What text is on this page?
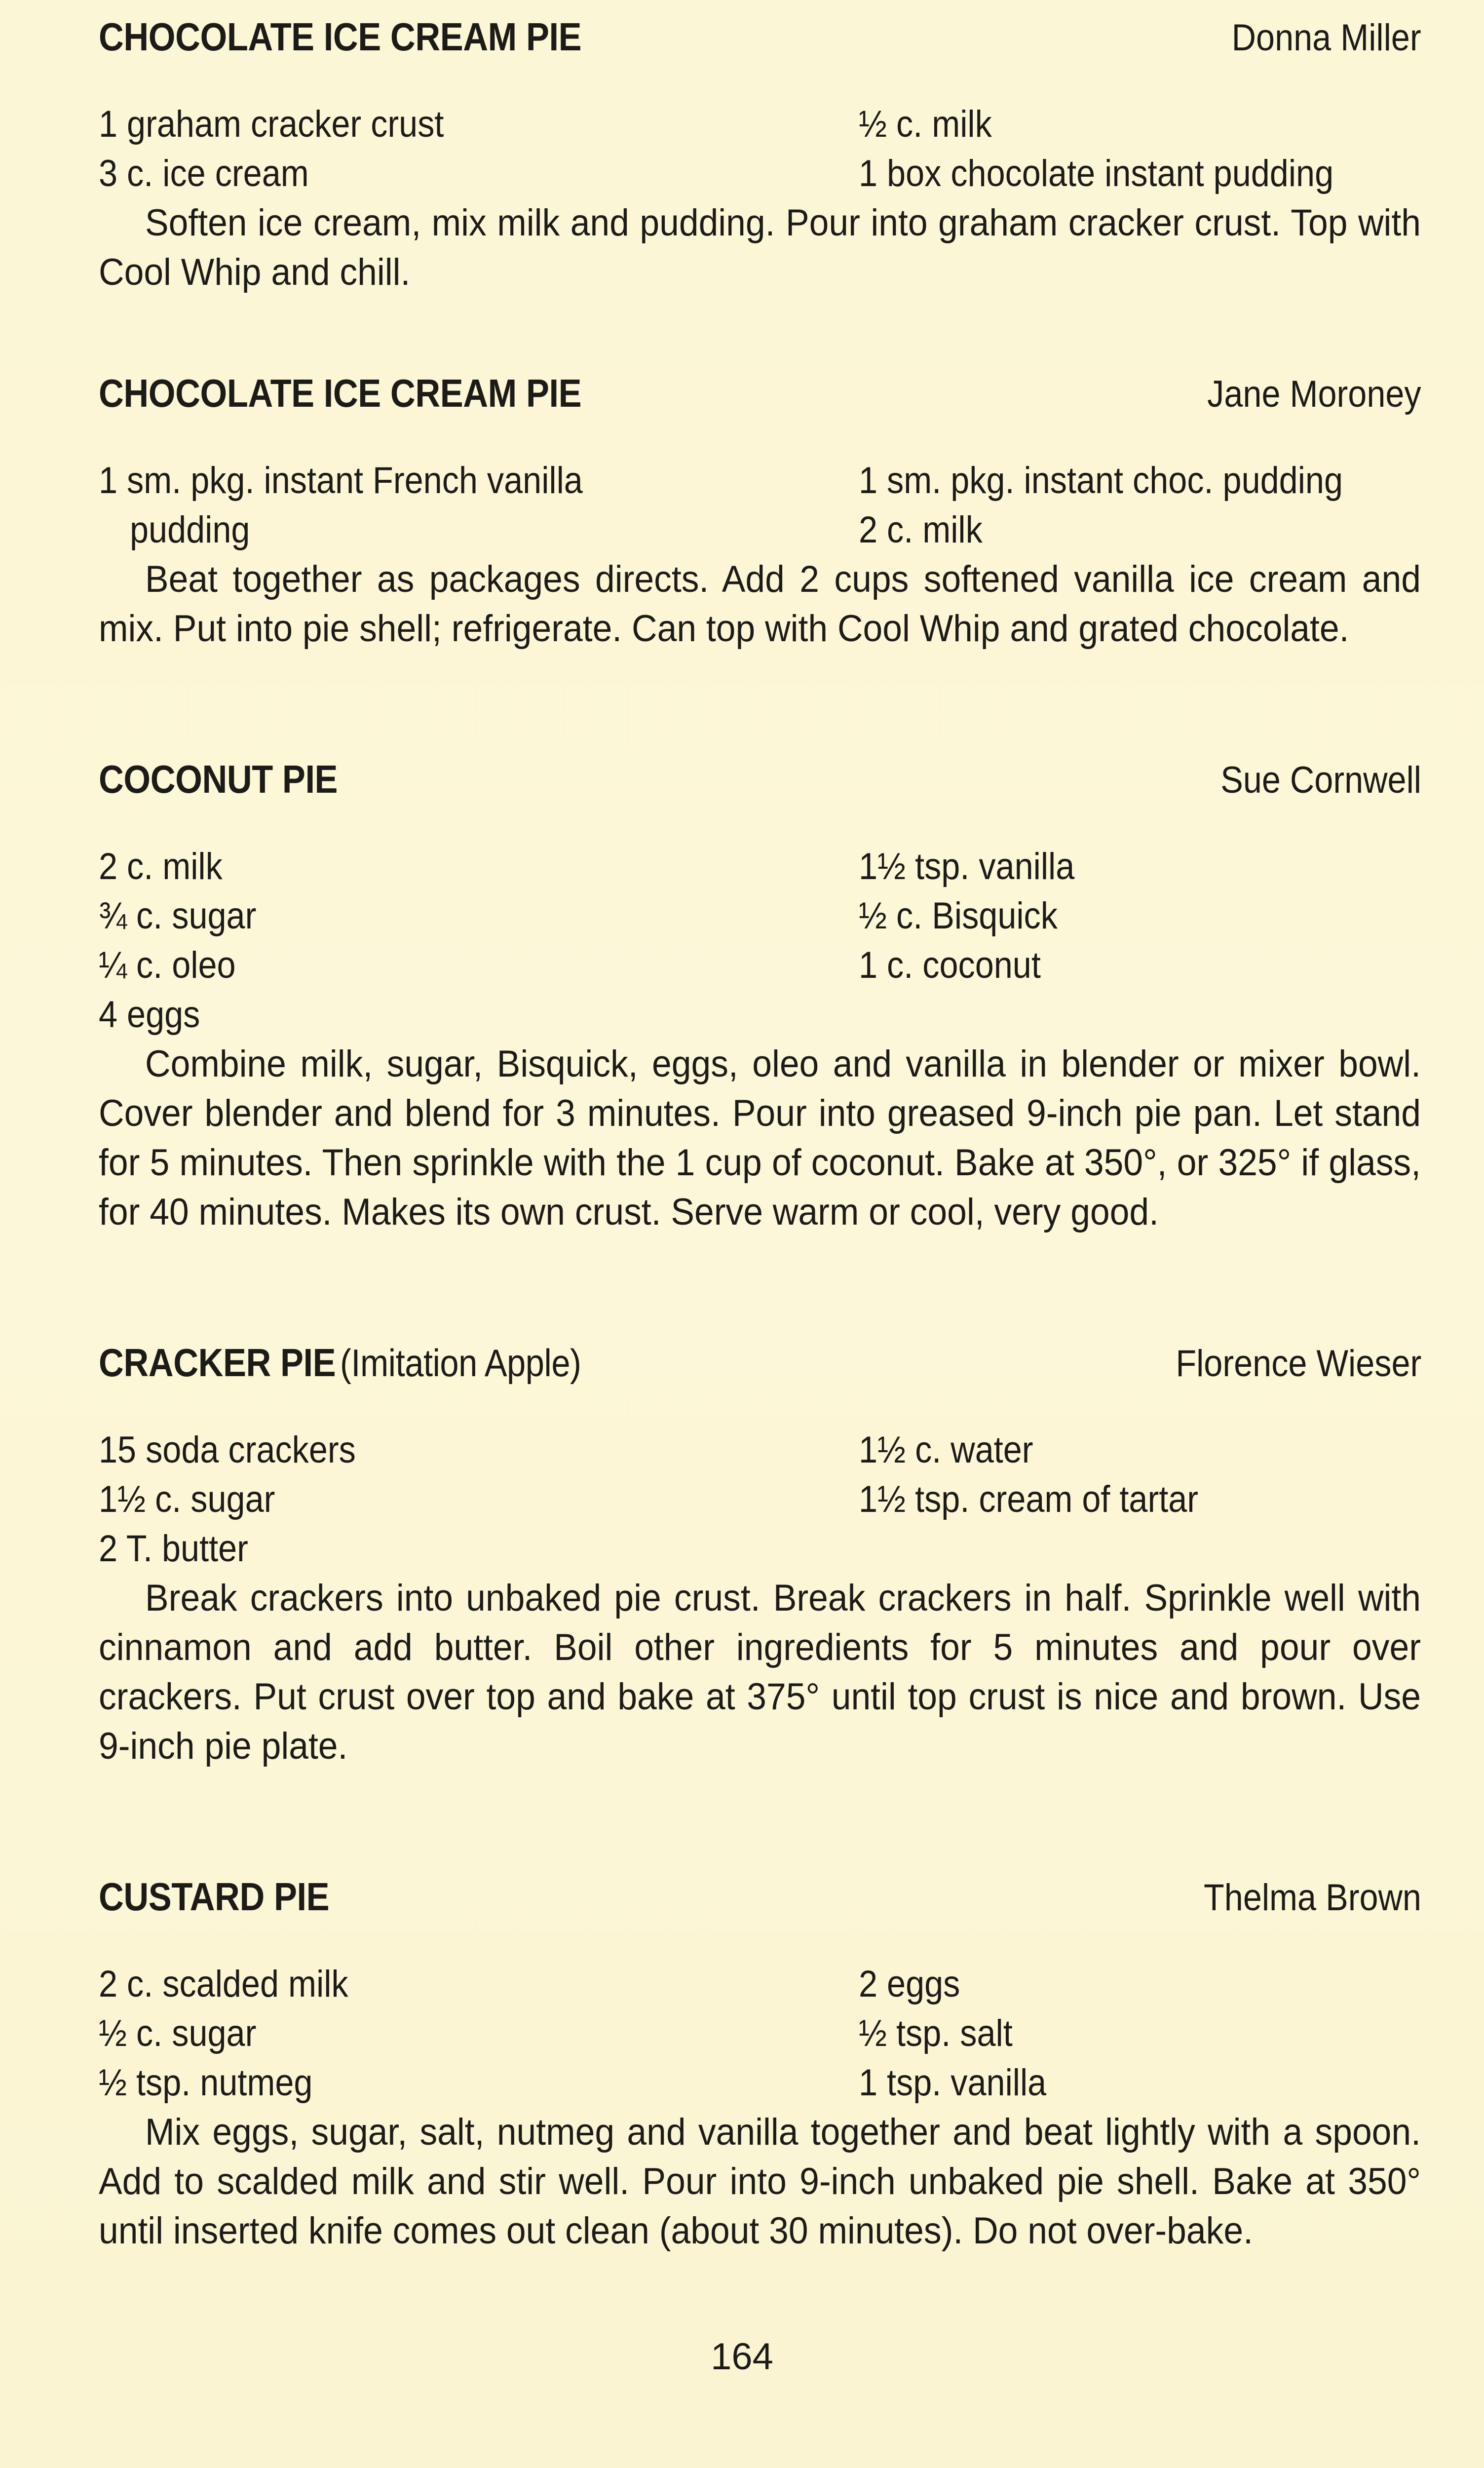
CHOCOLATE ICE CREAM PIE	Donna Miller
1 graham cracker crust	½ c. milk
3 c. ice cream	1 box chocolate instant pudding

Soften ice cream, mix milk and pudding. Pour into graham cracker crust. Top with Cool Whip and chill.

CHOCOLATE ICE CREAM PIE	Jane Moroney
1 sm. pkg. instant French vanilla	1 sm. pkg. instant choc. pudding
pudding	2 c. milk

Beat together as packages directs. Add 2 cups softened vanilla ice cream and mix. Put into pie shell; refrigerate. Can top with Cool Whip and grated chocolate.

COCONUT PIE	Sue Cornwell
2 c. milk	1½ tsp. vanilla
¾ c. sugar	½ c. Bisquick
¼ c. oleo	1 c. coconut
4 eggs

Combine milk, sugar, Bisquick, eggs, oleo and vanilla in blender or mixer bowl. Cover blender and blend for 3 minutes. Pour into greased 9-inch pie pan. Let stand for 5 minutes. Then sprinkle with the 1 cup of coconut. Bake at 350°, or 325° if glass, for 40 minutes. Makes its own crust. Serve warm or cool, very good.

CRACKER PIE (Imitation Apple)	Florence Wieser
15 soda crackers	1½ c. water
1½ c. sugar	1½ tsp. cream of tartar
2 T. butter

Break crackers into unbaked pie crust. Break crackers in half. Sprinkle well with cinnamon and add butter. Boil other ingredients for 5 minutes and pour over crackers. Put crust over top and bake at 375° until top crust is nice and brown. Use 9-inch pie plate.

CUSTARD PIE	Thelma Brown
2 c. scalded milk	2 eggs
½ c. sugar	½ tsp. salt
½ tsp. nutmeg	1 tsp. vanilla

Mix eggs, sugar, salt, nutmeg and vanilla together and beat lightly with a spoon. Add to scalded milk and stir well. Pour into 9-inch unbaked pie shell. Bake at 350° until inserted knife comes out clean (about 30 minutes). Do not over-bake.

164
